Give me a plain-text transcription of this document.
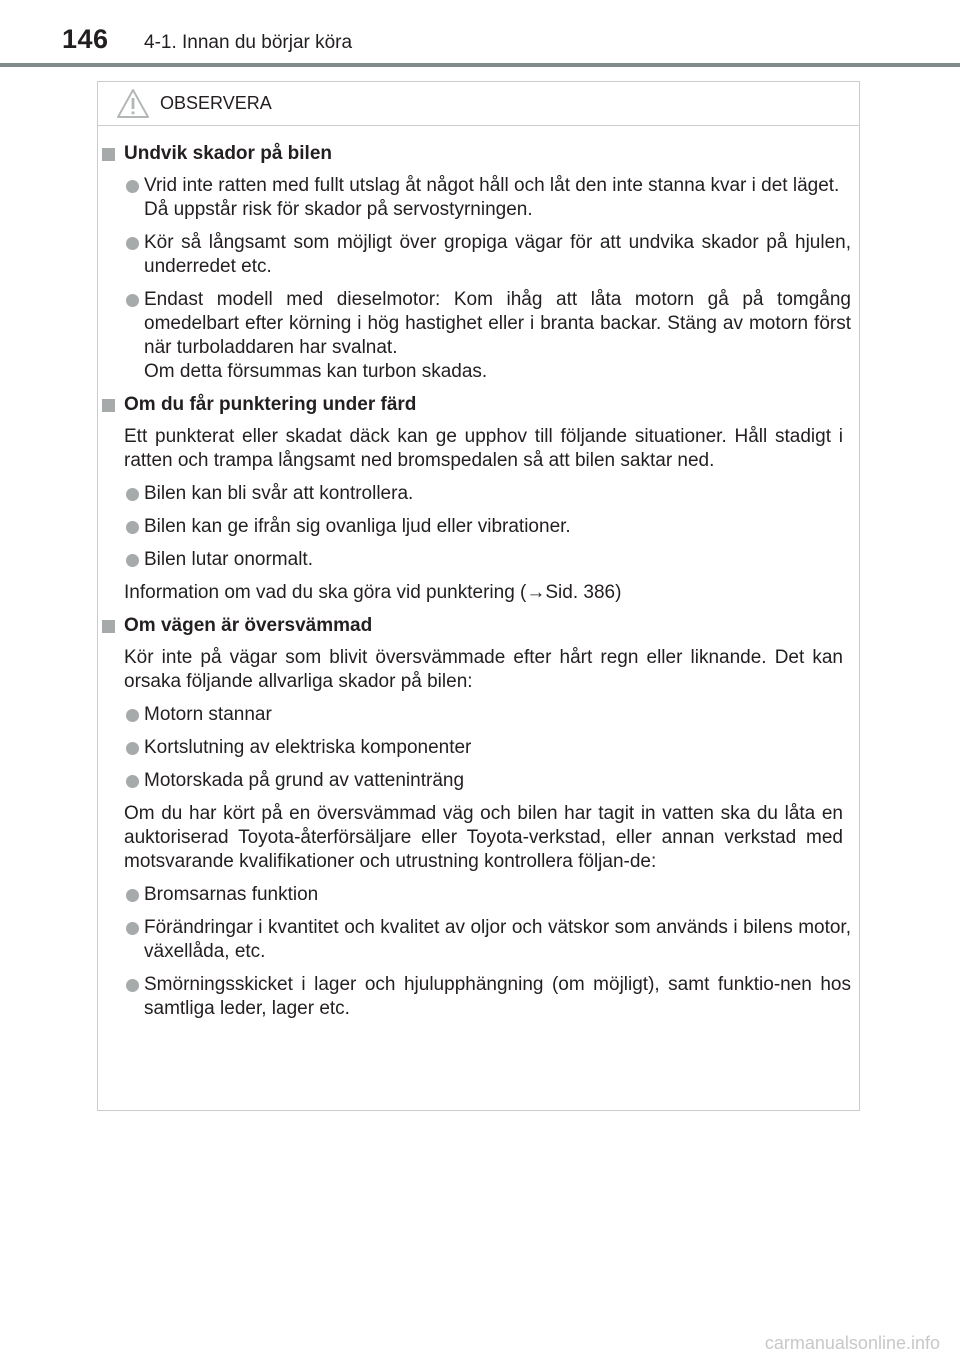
146 4-1. Innan du börjar köra
OBSERVERA
Undvik skador på bilen
Vrid inte ratten med fullt utslag åt något håll och låt den inte stanna kvar i det läget.
Då uppstår risk för skador på servostyrningen.
Kör så långsamt som möjligt över gropiga vägar för att undvika skador på hjulen, underredet etc.
Endast modell med dieselmotor: Kom ihåg att låta motorn gå på tomgång omedelbart efter körning i hög hastighet eller i branta backar. Stäng av motorn först när turboladdaren har svalnat.
Om detta försummas kan turbon skadas.
Om du får punktering under färd
Ett punkterat eller skadat däck kan ge upphov till följande situationer. Håll stadigt i ratten och trampa långsamt ned bromspedalen så att bilen saktar ned.
Bilen kan bli svår att kontrollera.
Bilen kan ge ifrån sig ovanliga ljud eller vibrationer.
Bilen lutar onormalt.
Information om vad du ska göra vid punktering (→Sid. 386)
Om vägen är översvämmad
Kör inte på vägar som blivit översvämmade efter hårt regn eller liknande. Det kan orsaka följande allvarliga skador på bilen:
Motorn stannar
Kortslutning av elektriska komponenter
Motorskada på grund av vatteninträng
Om du har kört på en översvämmad väg och bilen har tagit in vatten ska du låta en auktoriserad Toyota-återförsäljare eller Toyota-verkstad, eller annan verkstad med motsvarande kvalifikationer och utrustning kontrollera följan-de:
Bromsarnas funktion
Förändringar i kvantitet och kvalitet av oljor och vätskor som används i bilens motor, växellåda, etc.
Smörningsskicket i lager och hjulupphängning (om möjligt), samt funktio-nen hos samtliga leder, lager etc.
carmanualsonline.info
